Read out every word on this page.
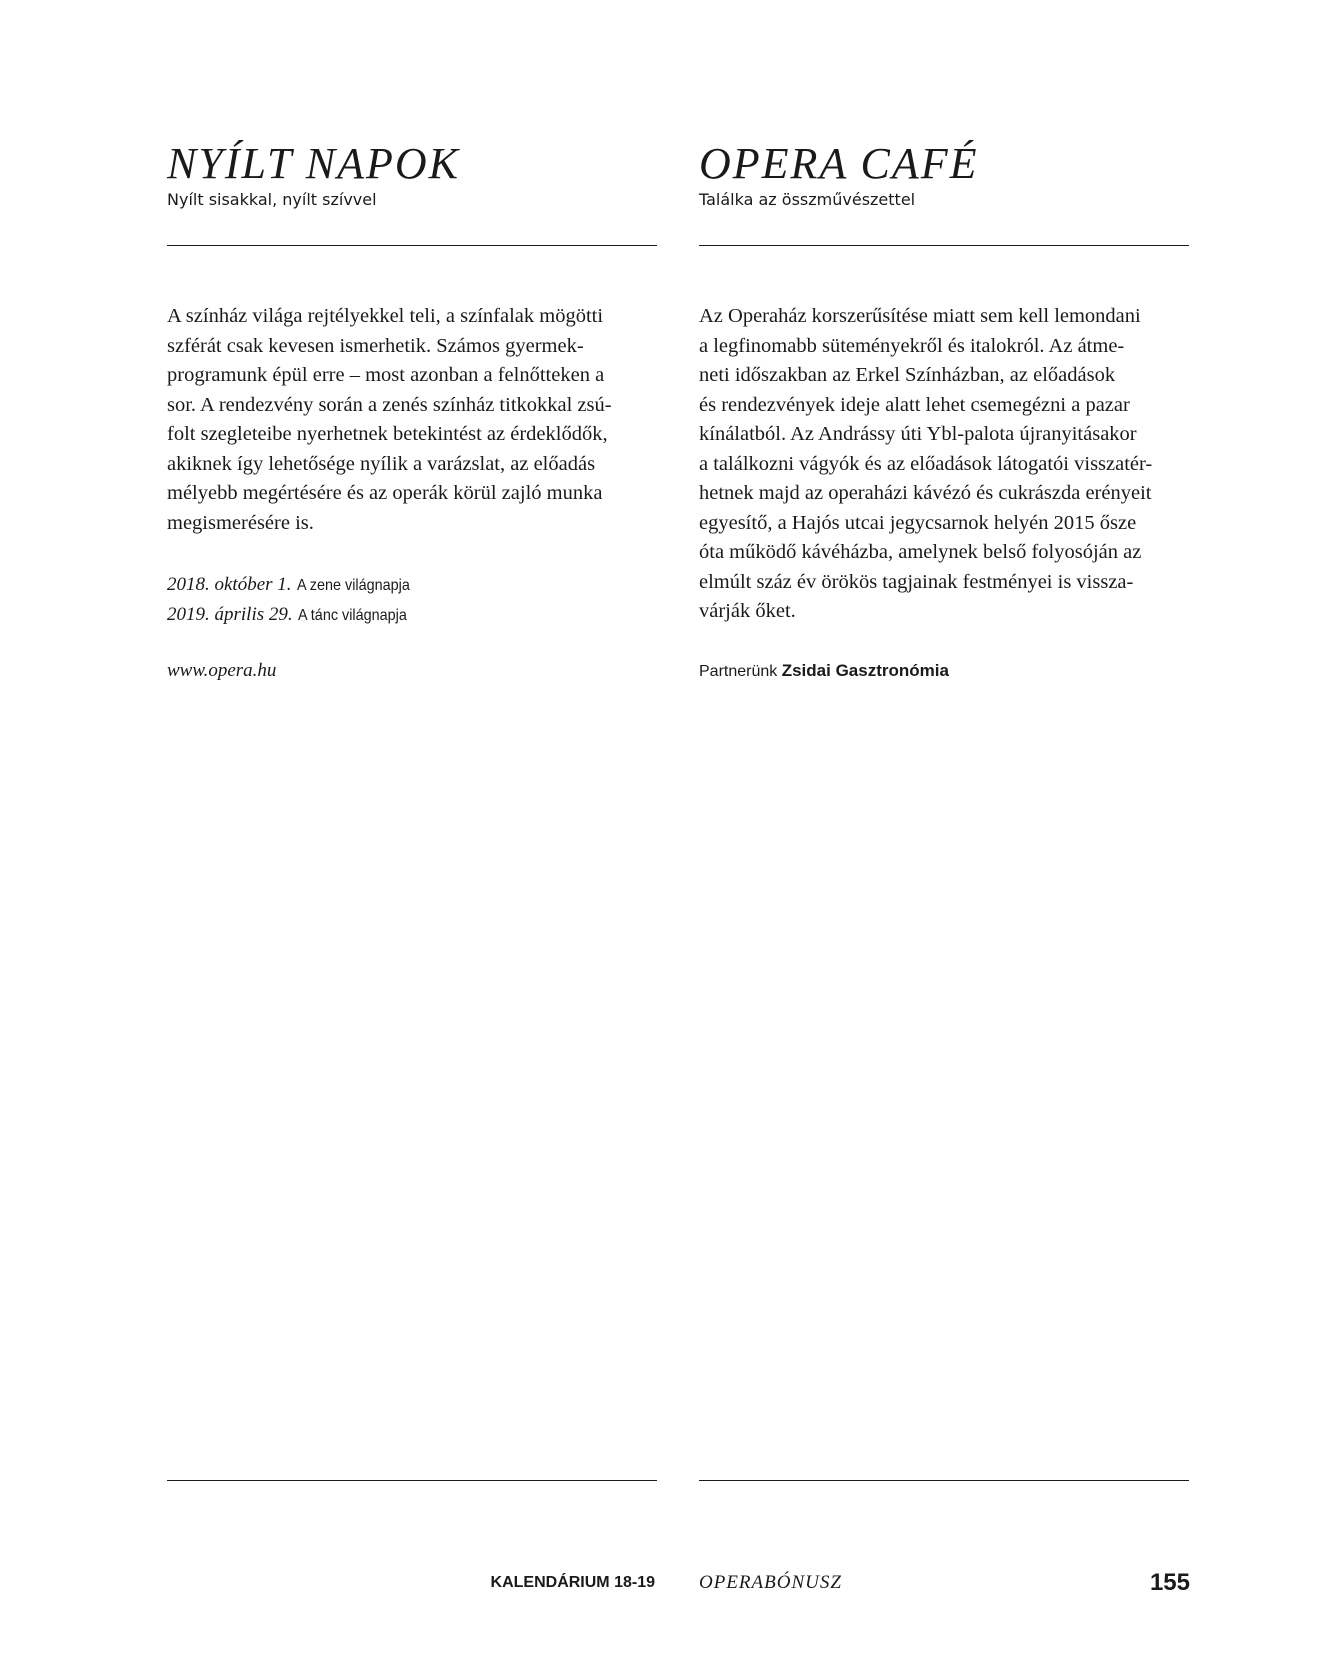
NYÍLT NAPOK

Nyílt sisakkal, nyílt szívvel

A színház világa rejtélyekkel teli, a színfalak mögötti
szférát csak kevesen ismerhetik. Számos gyermek-
programunk épül erre – most azonban a felnőtteken a
sor. A rendezvény során a zenés színház titkokkal zsú-
folt szegleteibe nyerhetnek betekintést az érdeklődők,
akiknek így lehetősége nyílik a varázslat, az előadás
mélyebb megértésére és az operák körül zajló munka
megismerésére is.

2018. október 1. A zene világnapja
2019. április 29. A tánc világnapja

www.opera.hu

OPERA CAFÉ

Találka az összművészettel

Az Operaház korszerűsítése miatt sem kell lemondani
a legfinomabb süteményekről és italokról. Az átme-
neti időszakban az Erkel Színházban, az előadások
és rendezvények ideje alatt lehet csemegézni a pazar
kínálatból. Az Andrássy úti Ybl-palota újranyitásakor
a találkozni vágyók és az előadások látogatói visszatér-
hetnek majd az operaházi kávézó és cukrászda erényeit
egyesítő, a Hajós utcai jegycsarnok helyén 2015 ősze
óta működő kávéházba, amelynek belső folyosóján az
elmúlt száz év örökös tagjainak festményei is vissza-
várják őket.

Partnerünk Zsidai Gasztronómia

KALENDÁRIUM 18-19 OPERABÓNUSZ	155
